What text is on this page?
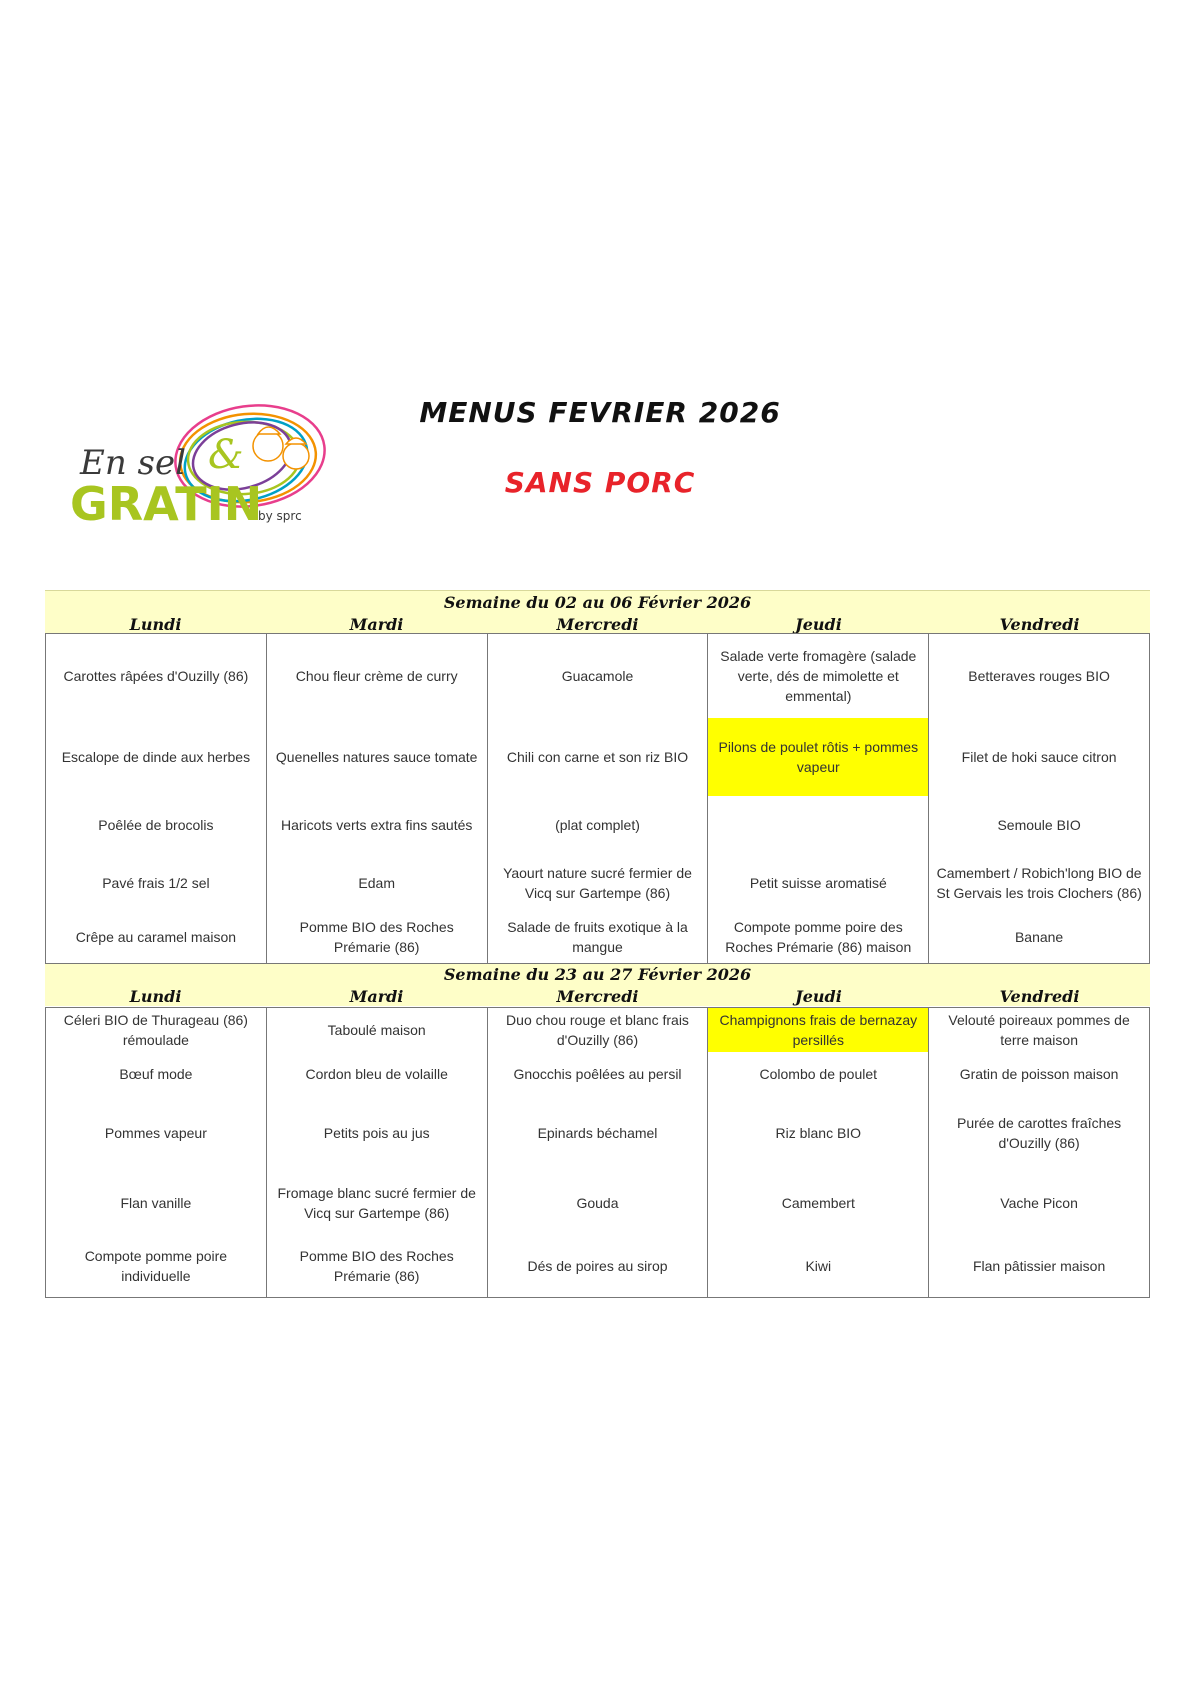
En sel &
GRATIN
by sprc
MENUS FEVRIER 2026
SANS PORC
Semaine du 02 au 06 Février 2026
Lundi	Mardi	Mercredi	Jeudi	Vendredi
Carottes râpées d'Ouzilly (86)	Chou fleur crème de curry	Guacamole	Salade verte fromagère (salade verte, dés de mimolette et emmental)	Betteraves rouges BIO
Escalope de dinde aux herbes	Quenelles natures sauce tomate	Chili con carne et son riz BIO	Pilons de poulet rôtis + pommes vapeur	Filet de hoki sauce citron
Poêlée de brocolis	Haricots verts extra fins sautés	(plat complet)		Semoule BIO
Pavé frais 1/2 sel	Edam	Yaourt nature sucré fermier de Vicq sur Gartempe (86)	Petit suisse aromatisé	Camembert / Robich'long BIO de St Gervais les trois Clochers (86)
Crêpe au caramel maison	Pomme BIO des Roches Prémarie (86)	Salade de fruits exotique à la mangue	Compote pomme poire des Roches Prémarie (86) maison	Banane
Semaine du 23 au 27 Février 2026
Lundi	Mardi	Mercredi	Jeudi	Vendredi
Céleri BIO de Thurageau (86) rémoulade	Taboulé maison	Duo chou rouge et blanc frais d'Ouzilly (86)	Champignons frais de bernazay persillés	Velouté poireaux pommes de terre maison
Bœuf mode	Cordon bleu de volaille	Gnocchis poêlées au persil	Colombo de poulet	Gratin de poisson maison
Pommes vapeur	Petits pois au jus	Epinards béchamel	Riz blanc BIO	Purée de carottes fraîches d'Ouzilly (86)
Flan vanille	Fromage blanc sucré fermier de Vicq sur Gartempe (86)	Gouda	Camembert	Vache Picon
Compote pomme poire individuelle	Pomme BIO des Roches Prémarie (86)	Dés de poires au sirop	Kiwi	Flan pâtissier maison
